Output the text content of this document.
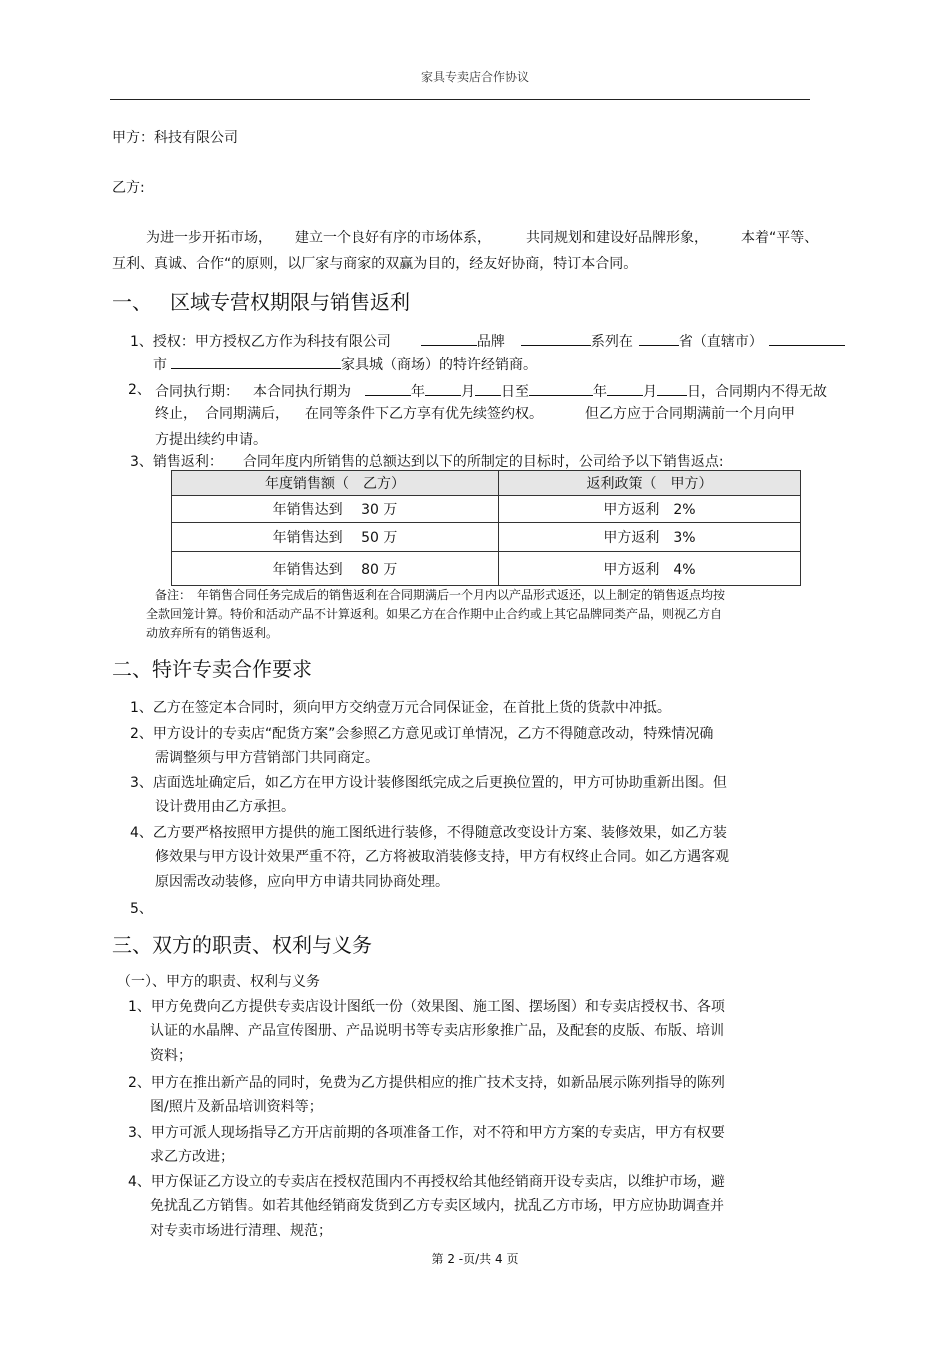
家具专卖店合作协议
甲方：科技有限公司
乙方:
为进一步开拓市场， 建立一个良好有序的市场体系，	共同规划和建设好品牌形象， 本着“平等、
互利、真诚、合作“的原则，以厂家与商家的双赢为目的，经友好协商，特订本合同。
一、 区域专营权期限与销售返利
1、授权：甲方授权乙方作为科技有限公司	品牌	系列在	省（直辖市）
市	家具城（商场）的特许经销商。
2、 合同执行期： 本合同执行期为	年	月 日至	年	月 日，合同期内不得无故
终止， 合同期满后， 在同等条件下乙方享有优先续签约权。	但乙方应于合同期满前一个月向甲
方提出续约申请。
3、销售返利： 合同年度内所销售的总额达到以下的所制定的目标时，公司给予以下销售返点:
年度销售额（　乙方）	返利政策（　甲方）
年销售达到　 30 万	甲方返利　2%
年销售达到　 50 万	甲方返利　3%
年销售达到　 80 万	甲方返利　4%
备注：　年销售合同任务完成后的销售返利在合同期满后一个月内以产品形式返还，以上制定的销售返点均按
全款回笼计算。特价和活动产品不计算返利。如果乙方在合作期中止合约或上其它品牌同类产品，则视乙方自
动放弃所有的销售返利。
二、特许专卖合作要求
1、乙方在签定本合同时，须向甲方交纳壹万元合同保证金，在首批上货的货款中冲抵。
2、甲方设计的专卖店“配货方案”会参照乙方意见或订单情况，乙方不得随意改动，特殊情况确
需调整须与甲方营销部门共同商定。
3、店面选址确定后，如乙方在甲方设计装修图纸完成之后更换位置的，甲方可协助重新出图。但
设计费用由乙方承担。
4、乙方要严格按照甲方提供的施工图纸进行装修，不得随意改变设计方案、装修效果，如乙方装
修效果与甲方设计效果严重不符，乙方将被取消装修支持，甲方有权终止合同。如乙方遇客观
原因需改动装修，应向甲方申请共同协商处理。
5、
三、双方的职责、权利与义务
（一）、甲方的职责、权利与义务
1、甲方免费向乙方提供专卖店设计图纸一份（效果图、施工图、摆场图）和专卖店授权书、各项
认证的水晶牌、产品宣传图册、产品说明书等专卖店形象推广品，及配套的皮版、布版、培训
资料；
2、甲方在推出新产品的同时，免费为乙方提供相应的推广技术支持，如新品展示陈列指导的陈列
图/照片及新品培训资料等；
3、甲方可派人现场指导乙方开店前期的各项准备工作，对不符和甲方方案的专卖店，甲方有权要
求乙方改进；
4、甲方保证乙方设立的专卖店在授权范围内不再授权给其他经销商开设专卖店，以维护市场，避
免扰乱乙方销售。如若其他经销商发货到乙方专卖区域内，扰乱乙方市场，甲方应协助调查并
对专卖市场进行清理、规范；
第 2 -页/共 4 页
